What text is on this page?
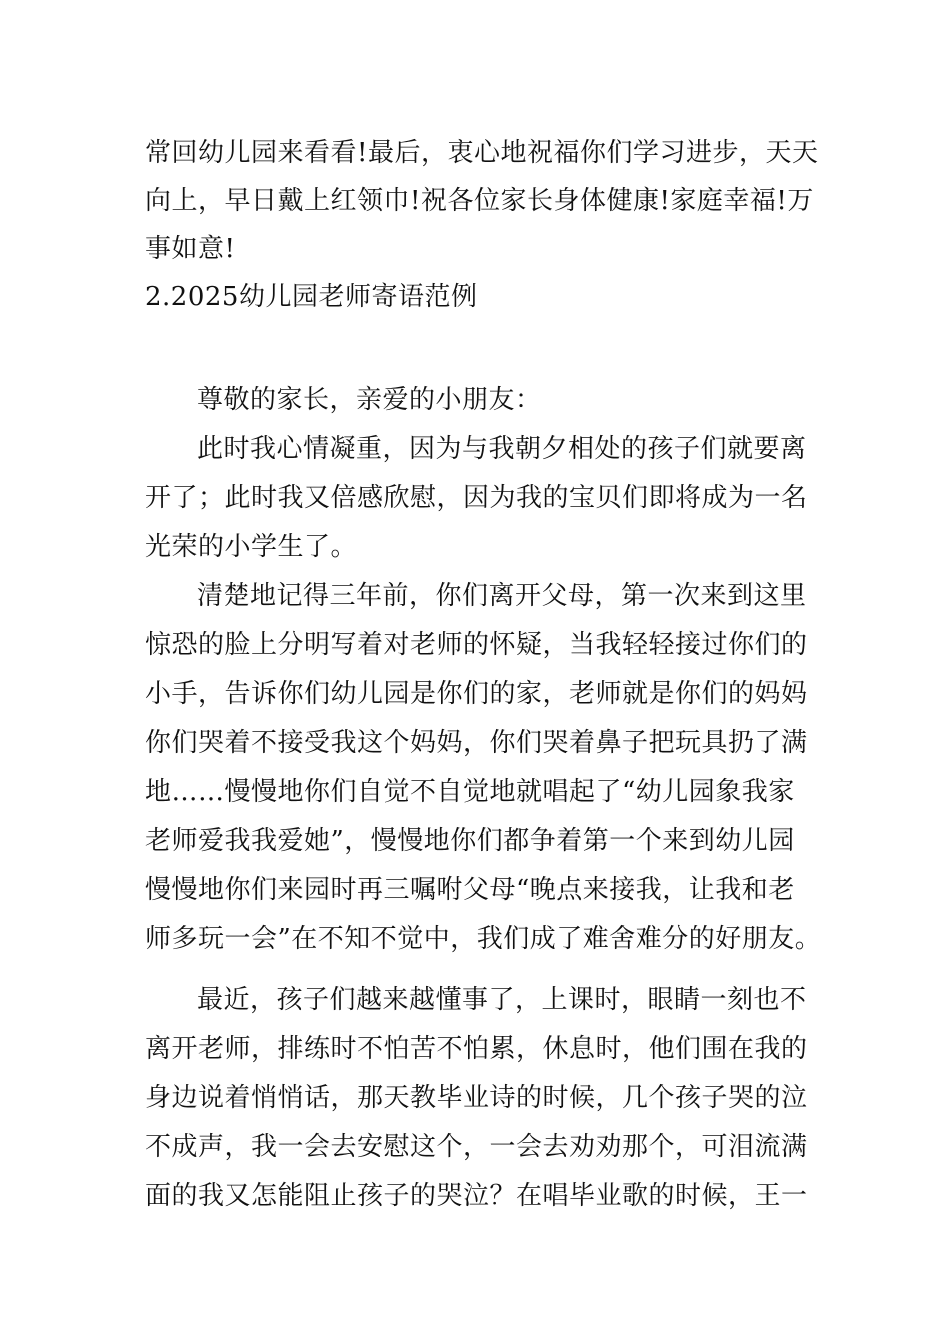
常回幼儿园来看看!最后，衷心地祝福你们学习进步，天天
向上，早日戴上红领巾!祝各位家长身体健康!家庭幸福!万
事如意!
2.2025幼儿园老师寄语范例
尊敬的家长，亲爱的小朋友：
此时我心情凝重，因为与我朝夕相处的孩子们就要离
开了；此时我又倍感欣慰，因为我的宝贝们即将成为一名
光荣的小学生了。
清楚地记得三年前，你们离开父母，第一次来到这里
惊恐的脸上分明写着对老师的怀疑，当我轻轻接过你们的
小手，告诉你们幼儿园是你们的家，老师就是你们的妈妈
你们哭着不接受我这个妈妈，你们哭着鼻子把玩具扔了满
地……慢慢地你们自觉不自觉地就唱起了“幼儿园象我家
老师爱我我爱她”，慢慢地你们都争着第一个来到幼儿园
慢慢地你们来园时再三嘱咐父母“晚点来接我，让我和老
师多玩一会”在不知不觉中，我们成了难舍难分的好朋友。
最近，孩子们越来越懂事了，上课时，眼睛一刻也不
离开老师，排练时不怕苦不怕累，休息时，他们围在我的
身边说着悄悄话，那天教毕业诗的时候，几个孩子哭的泣
不成声，我一会去安慰这个，一会去劝劝那个，可泪流满
面的我又怎能阻止孩子的哭泣？在唱毕业歌的时候，王一
